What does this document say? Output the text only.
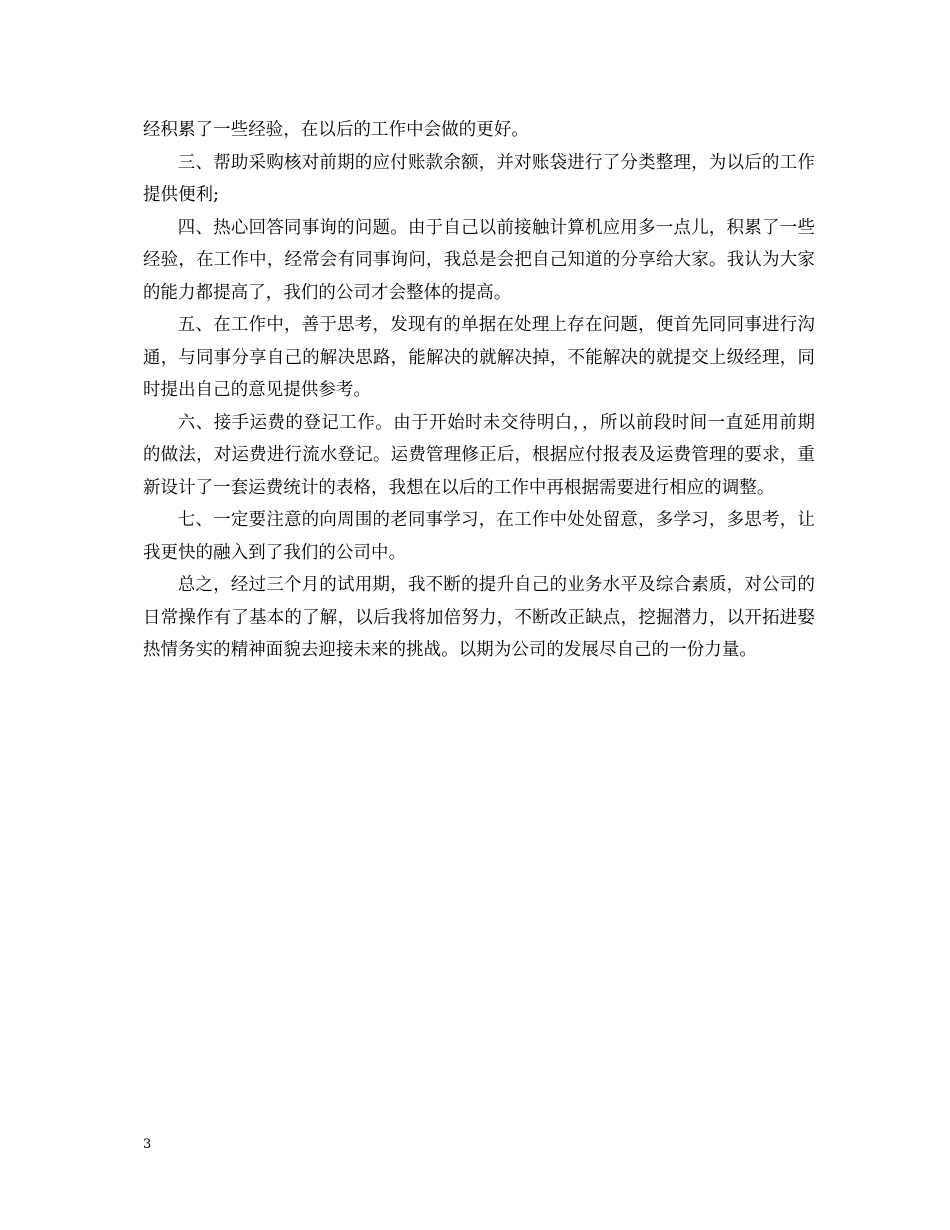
经积累了一些经验，在以后的工作中会做的更好。

三、帮助采购核对前期的应付账款余额，并对账袋进行了分类整理，为以后的工作提供便利;

四、热心回答同事询的问题。由于自己以前接触计算机应用多一点儿，积累了一些经验，在工作中，经常会有同事询问，我总是会把自己知道的分享给大家。我认为大家的能力都提高了，我们的公司才会整体的提高。

五、在工作中，善于思考，发现有的单据在处理上存在问题，便首先同同事进行沟通，与同事分享自己的解决思路，能解决的就解决掉，不能解决的就提交上级经理，同时提出自己的意见提供参考。

六、接手运费的登记工作。由于开始时未交待明白，，所以前段时间一直延用前期的做法，对运费进行流水登记。运费管理修正后，根据应付报表及运费管理的要求，重新设计了一套运费统计的表格，我想在以后的工作中再根据需要进行相应的调整。

七、一定要注意的向周围的老同事学习，在工作中处处留意，多学习，多思考，让我更快的融入到了我们的公司中。

总之，经过三个月的试用期，我不断的提升自己的业务水平及综合素质，对公司的日常操作有了基本的了解，以后我将加倍努力，不断改正缺点，挖掘潜力，以开拓进娶热情务实的精神面貌去迎接未来的挑战。以期为公司的发展尽自己的一份力量。

3
